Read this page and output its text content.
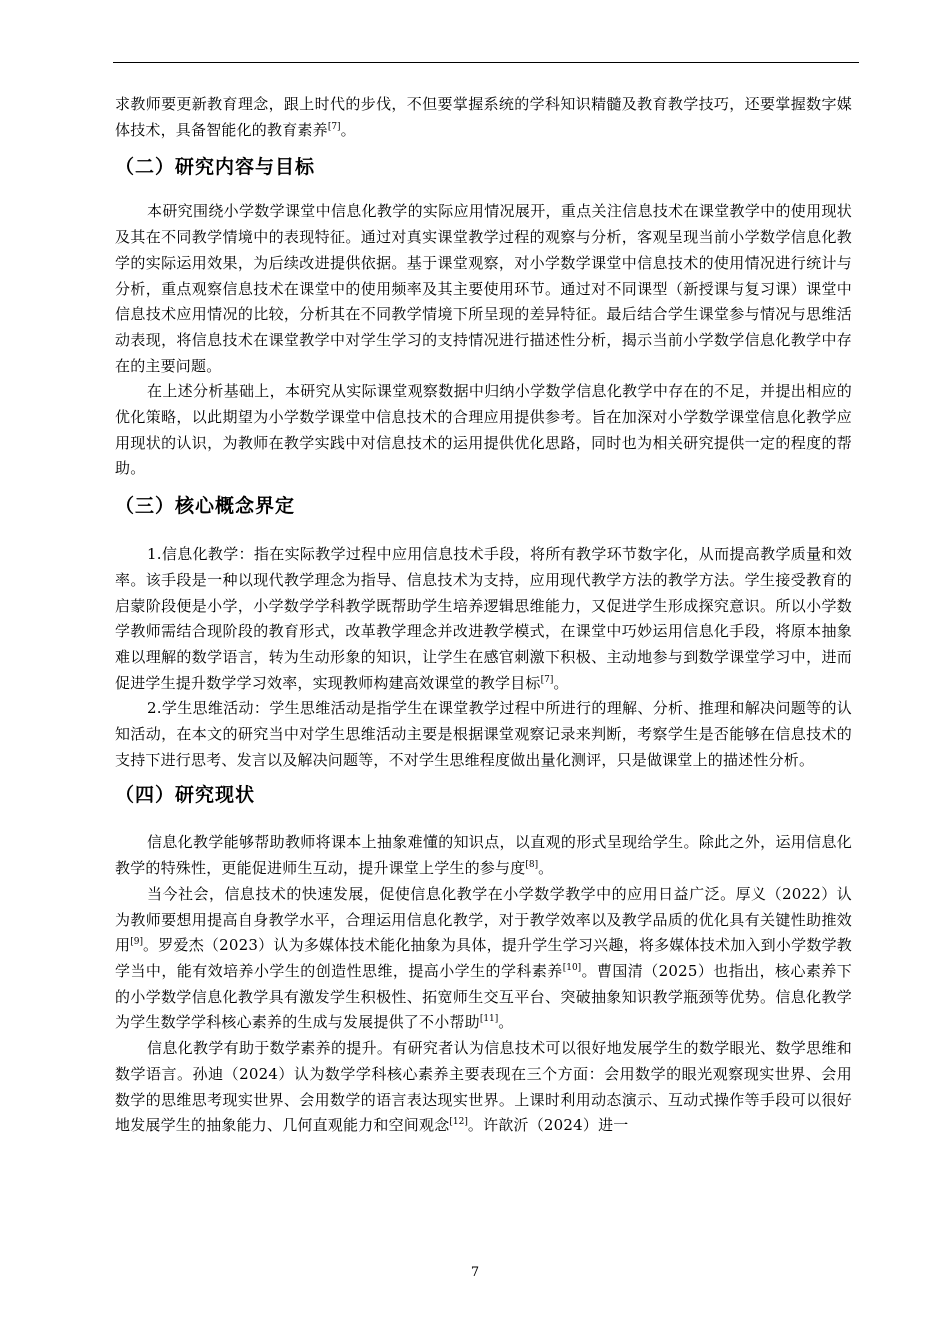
求教师要更新教育理念，跟上时代的步伐，不但要掌握系统的学科知识精髓及教育教学技巧，还要掌握数字媒体技术，具备智能化的教育素养[7]。

（二）研究内容与目标

本研究围绕小学数学课堂中信息化教学的实际应用情况展开，重点关注信息技术在课堂教学中的使用现状及其在不同教学情境中的表现特征。通过对真实课堂教学过程的观察与分析，客观呈现当前小学数学信息化教学的实际运用效果，为后续改进提供依据。基于课堂观察，对小学数学课堂中信息技术的使用情况进行统计与分析，重点观察信息技术在课堂中的使用频率及其主要使用环节。通过对不同课型（新授课与复习课）课堂中信息技术应用情况的比较，分析其在不同教学情境下所呈现的差异特征。最后结合学生课堂参与情况与思维活动表现，将信息技术在课堂教学中对学生学习的支持情况进行描述性分析，揭示当前小学数学信息化教学中存在的主要问题。

在上述分析基础上，本研究从实际课堂观察数据中归纳小学数学信息化教学中存在的不足，并提出相应的优化策略，以此期望为小学数学课堂中信息技术的合理应用提供参考。旨在加深对小学数学课堂信息化教学应用现状的认识，为教师在教学实践中对信息技术的运用提供优化思路，同时也为相关研究提供一定的程度的帮助。

（三）核心概念界定

1.信息化教学：指在实际教学过程中应用信息技术手段，将所有教学环节数字化，从而提高教学质量和效率。该手段是一种以现代教学理念为指导、信息技术为支持，应用现代教学方法的教学方法。学生接受教育的启蒙阶段便是小学，小学数学学科教学既帮助学生培养逻辑思维能力，又促进学生形成探究意识。所以小学数学教师需结合现阶段的教育形式，改革教学理念并改进教学模式，在课堂中巧妙运用信息化手段，将原本抽象难以理解的数学语言，转为生动形象的知识，让学生在感官刺激下积极、主动地参与到数学课堂学习中，进而促进学生提升数学学习效率，实现教师构建高效课堂的教学目标[7]。

2.学生思维活动：学生思维活动是指学生在课堂教学过程中所进行的理解、分析、推理和解决问题等的认知活动，在本文的研究当中对学生思维活动主要是根据课堂观察记录来判断，考察学生是否能够在信息技术的支持下进行思考、发言以及解决问题等，不对学生思维程度做出量化测评，只是做课堂上的描述性分析。

（四）研究现状

信息化教学能够帮助教师将课本上抽象难懂的知识点，以直观的形式呈现给学生。除此之外，运用信息化教学的特殊性，更能促进师生互动，提升课堂上学生的参与度[8]。

当今社会，信息技术的快速发展，促使信息化教学在小学数学教学中的应用日益广泛。厚义（2022）认为教师要想用提高自身教学水平，合理运用信息化教学，对于教学效率以及教学品质的优化具有关键性助推效用[9]。罗爱杰（2023）认为多媒体技术能化抽象为具体，提升学生学习兴趣，将多媒体技术加入到小学数学教学当中，能有效培养小学生的创造性思维，提高小学生的学科素养[10]。曹国清（2025）也指出，核心素养下的小学数学信息化教学具有激发学生积极性、拓宽师生交互平台、突破抽象知识教学瓶颈等优势。信息化教学为学生数学学科核心素养的生成与发展提供了不小帮助[11]。

信息化教学有助于数学素养的提升。有研究者认为信息技术可以很好地发展学生的数学眼光、数学思维和数学语言。孙迪（2024）认为数学学科核心素养主要表现在三个方面：会用数学的眼光观察现实世界、会用数学的思维思考现实世界、会用数学的语言表达现实世界。上课时利用动态演示、互动式操作等手段可以很好地发展学生的抽象能力、几何直观能力和空间观念[12]。许歆沂（2024）进一

7
